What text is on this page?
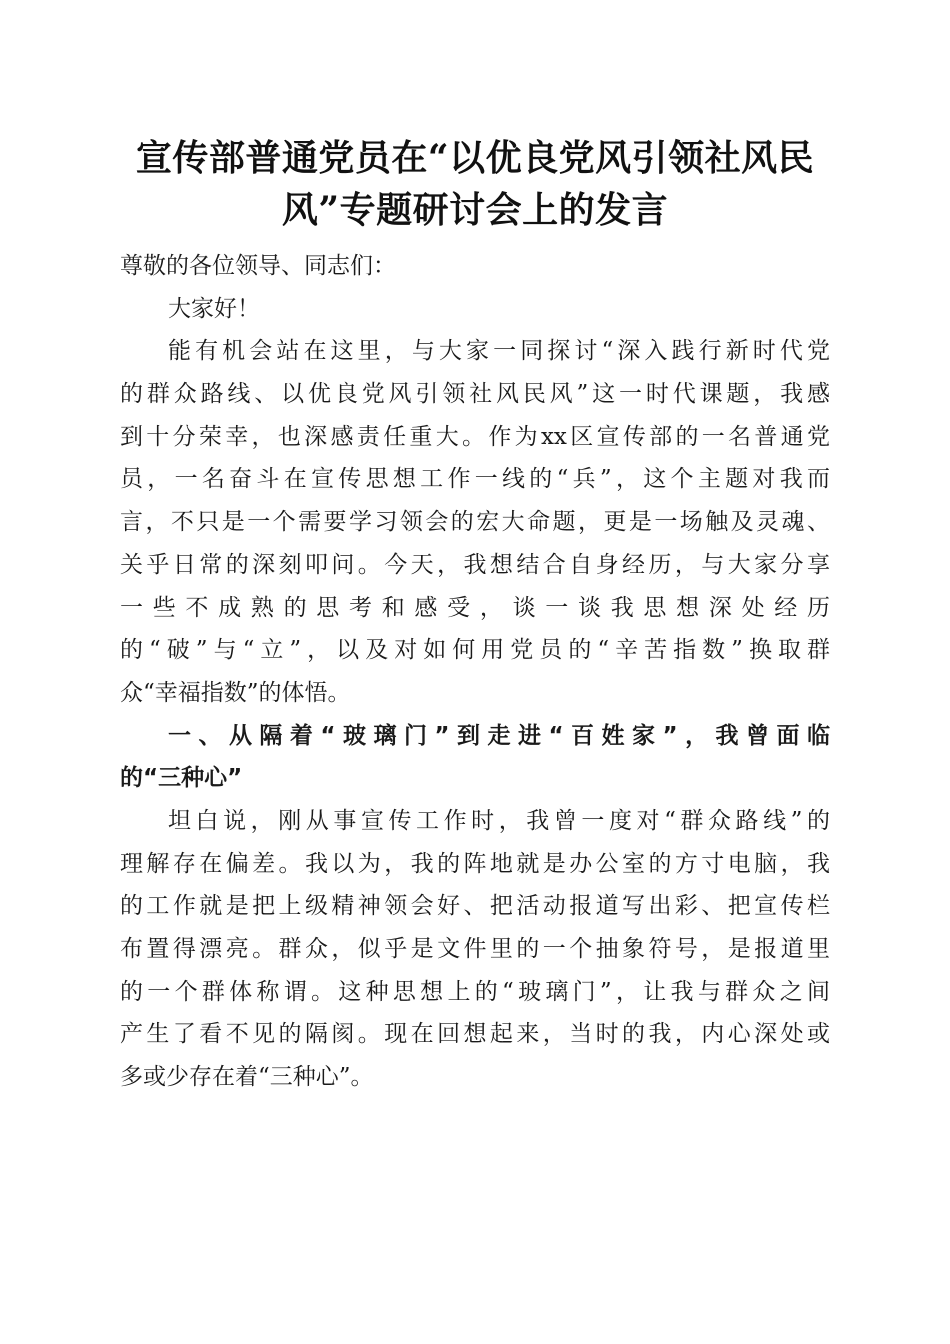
宣传部普通党员在“以优良党风引领社风民
风”专题研讨会上的发言
尊敬的各位领导、同志们：
大家好！
能有机会站在这里，与大家一同探讨“深入践行新时代党
的群众路线、以优良党风引领社风民风”这一时代课题，我感
到十分荣幸，也深感责任重大。作为xx区宣传部的一名普通党
员，一名奋斗在宣传思想工作一线的“兵”，这个主题对我而
言，不只是一个需要学习领会的宏大命题，更是一场触及灵魂、
关乎日常的深刻叩问。今天，我想结合自身经历，与大家分享
一些不成熟的思考和感受，谈一谈我思想深处经历
的“破”与“立”，以及对如何用党员的“辛苦指数”换取群
众“幸福指数”的体悟。
一、从隔着“玻璃门”到走进“百姓家”，我曾面临
的“三种心”
坦白说，刚从事宣传工作时，我曾一度对“群众路线”的
理解存在偏差。我以为，我的阵地就是办公室的方寸电脑，我
的工作就是把上级精神领会好、把活动报道写出彩、把宣传栏
布置得漂亮。群众，似乎是文件里的一个抽象符号，是报道里
的一个群体称谓。这种思想上的“玻璃门”，让我与群众之间
产生了看不见的隔阂。现在回想起来，当时的我，内心深处或
多或少存在着“三种心”。
